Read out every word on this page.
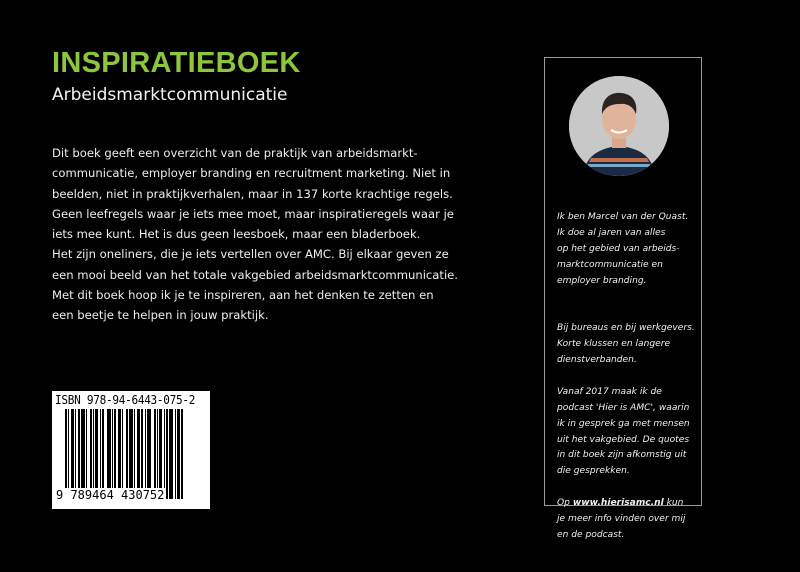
INSPIRATIEBOEK
Arbeidsmarktcommunicatie
Dit boek geeft een overzicht van de praktijk van arbeidsmarkt-
communicatie, employer branding en recruitment marketing. Niet in
beelden, niet in praktijkverhalen, maar in 137 korte krachtige regels.
Geen leefregels waar je iets mee moet, maar inspiratieregels waar je
iets mee kunt. Het is dus geen leesboek, maar een bladerboek.
Het zijn oneliners, die je iets vertellen over AMC. Bij elkaar geven ze
een mooi beeld van het totale vakgebied arbeidsmarktcommunicatie.
Met dit boek hoop ik je te inspireren, aan het denken te zetten en
een beetje te helpen in jouw praktijk.
ISBN 978-94-6443-075-2
9 789464 430752

Ik ben Marcel van der Quast.
Ik doe al jaren van alles
op het gebied van arbeids-
marktcommunicatie en
employer branding.

Bij bureaus en bij werkgevers.
Korte klussen en langere
dienstverbanden.
Vanaf 2017 maak ik de
podcast 'Hier is AMC', waarin
ik in gesprek ga met mensen
uit het vakgebied. De quotes
in dit boek zijn afkomstig uit
die gesprekken.
Op www.hierisamc.nl kun
je meer info vinden over mij
en de podcast.
